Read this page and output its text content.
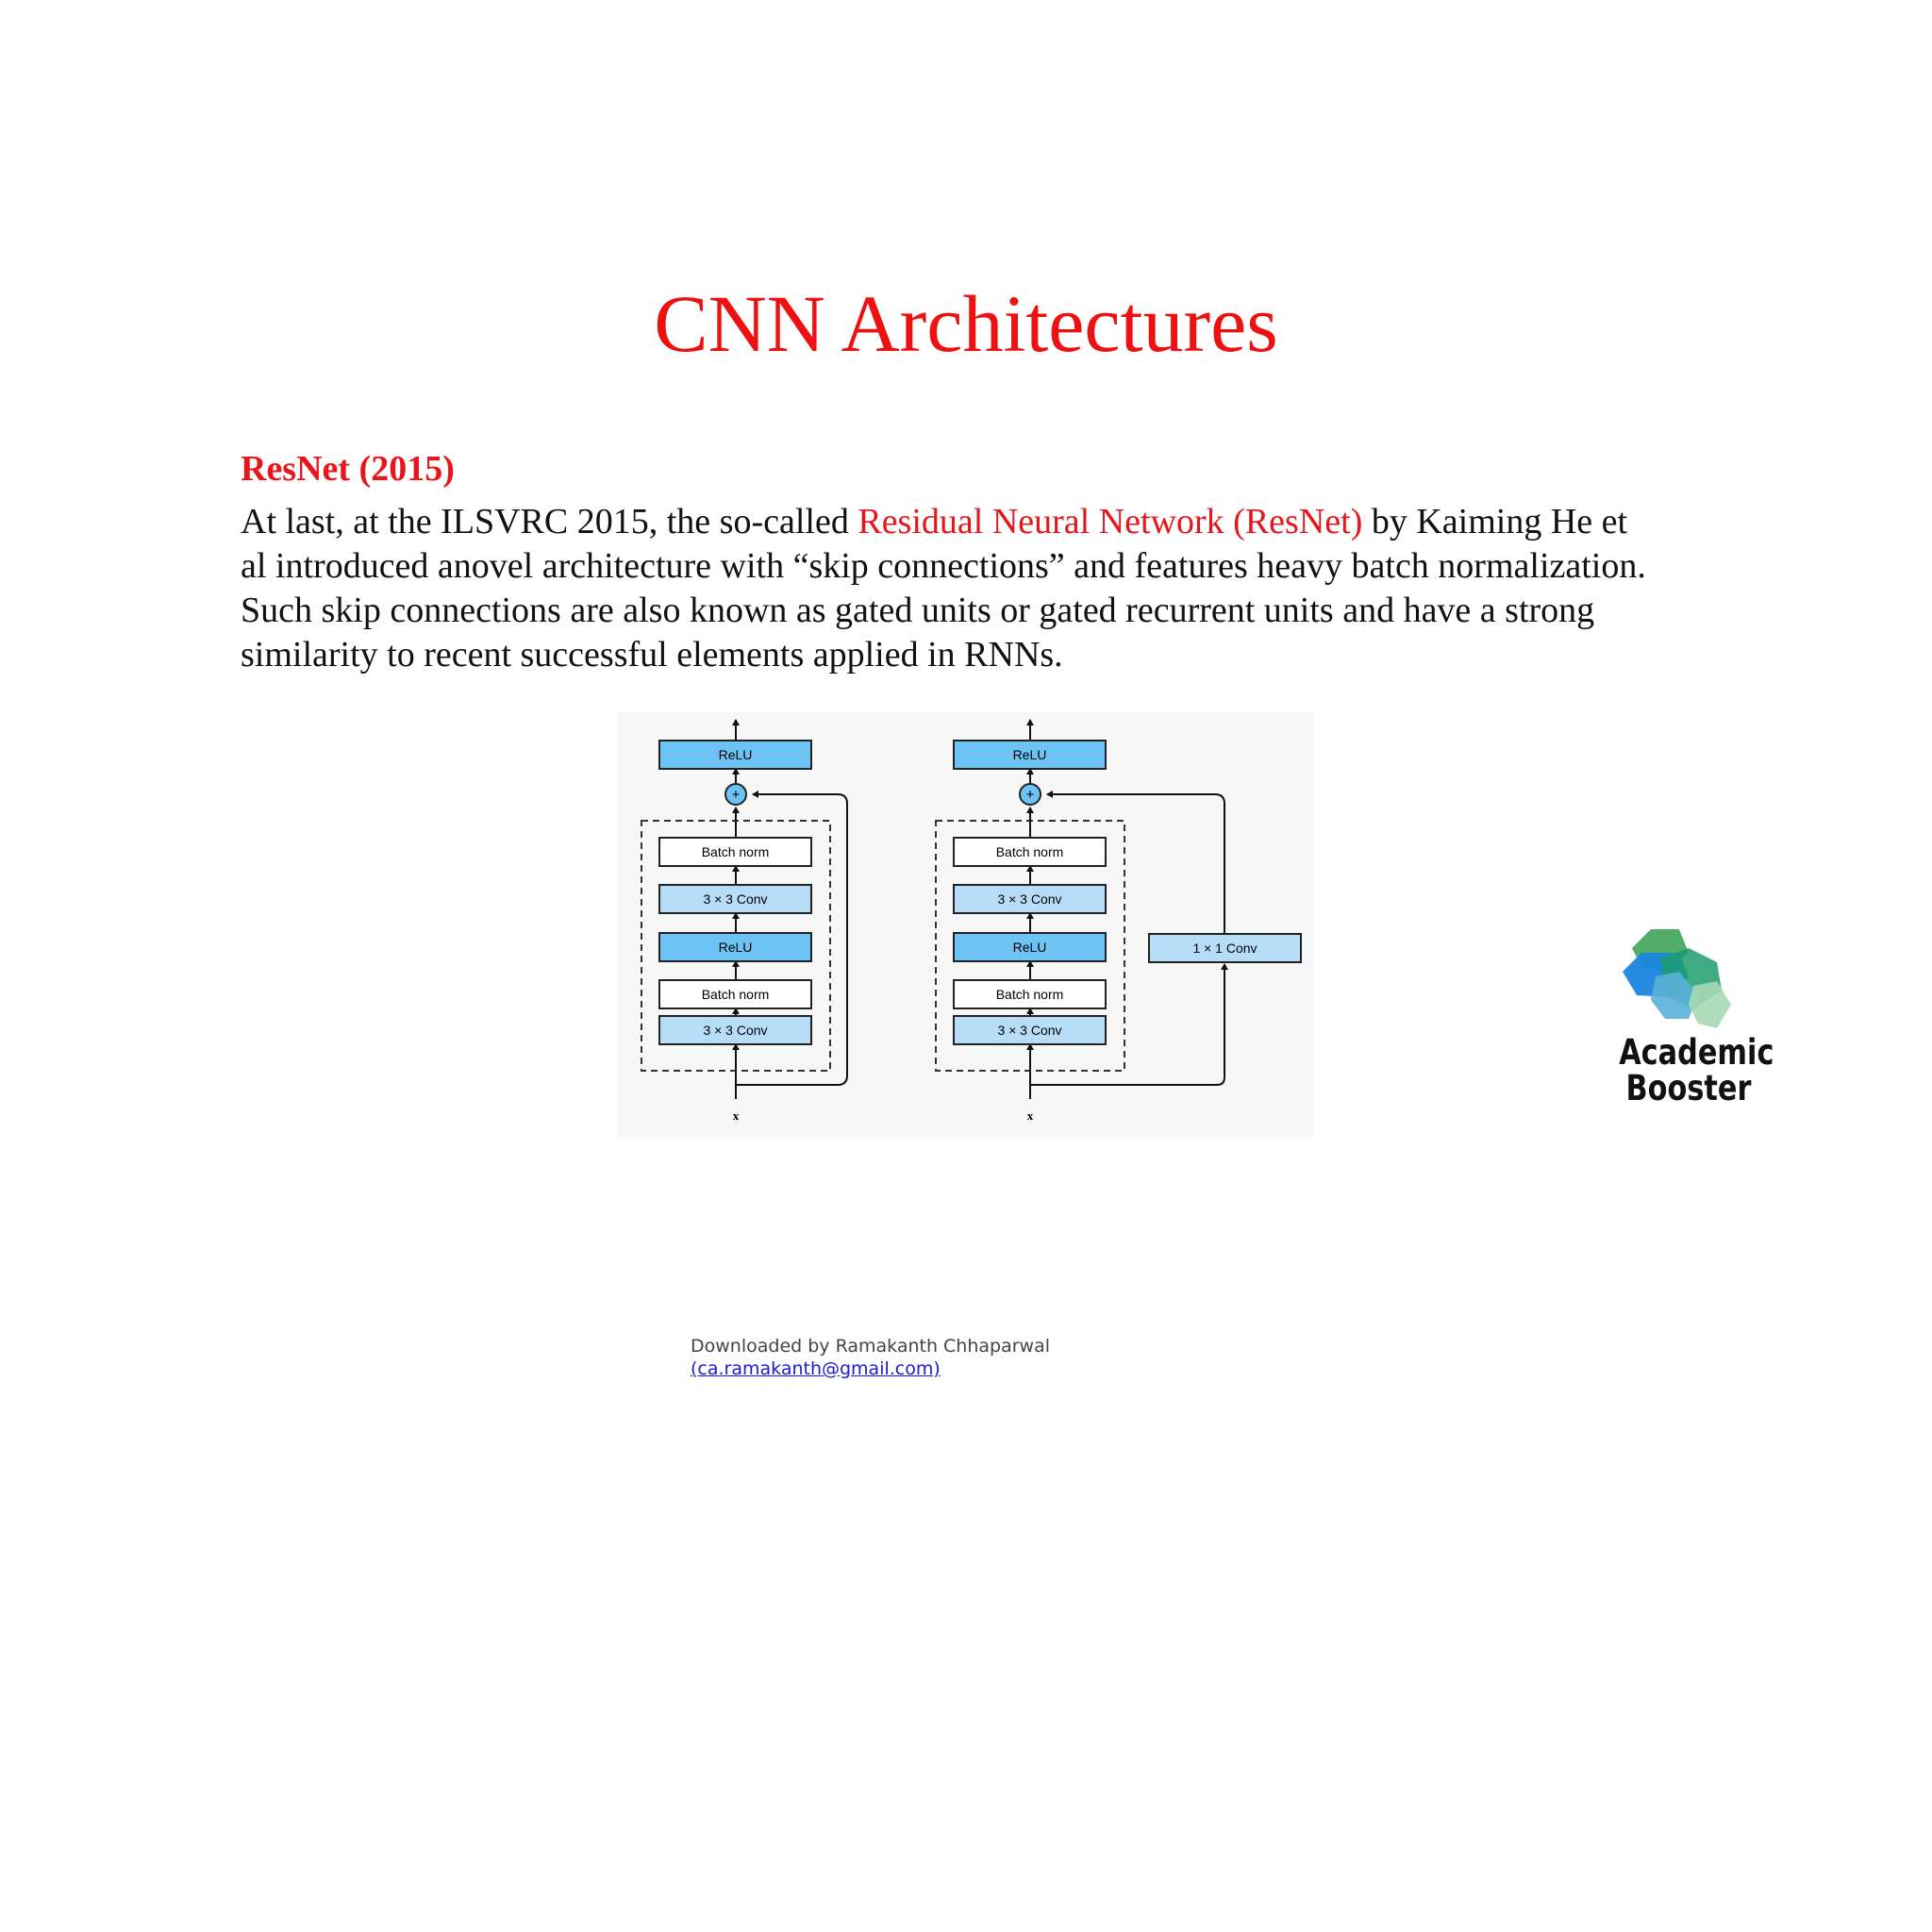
CNN Architectures
ResNet (2015)
At last, at the ILSVRC 2015, the so-called Residual Neural Network (ResNet) by Kaiming He et
al introduced anovel architecture with “skip connections” and features heavy batch normalization.
Such skip connections are also known as gated units or gated recurrent units and have a strong
similarity to recent successful elements applied in RNNs.
ReLU
+
Batch norm
3 × 3 Conv
ReLU
Batch norm
3 × 3 Conv
x
ReLU
+
Batch norm
3 × 3 Conv
ReLU
Batch norm
3 × 3 Conv
1 × 1 Conv
x
Academic
Booster
Downloaded by Ramakanth Chhaparwal
(ca.ramakanth@gmail.com)
